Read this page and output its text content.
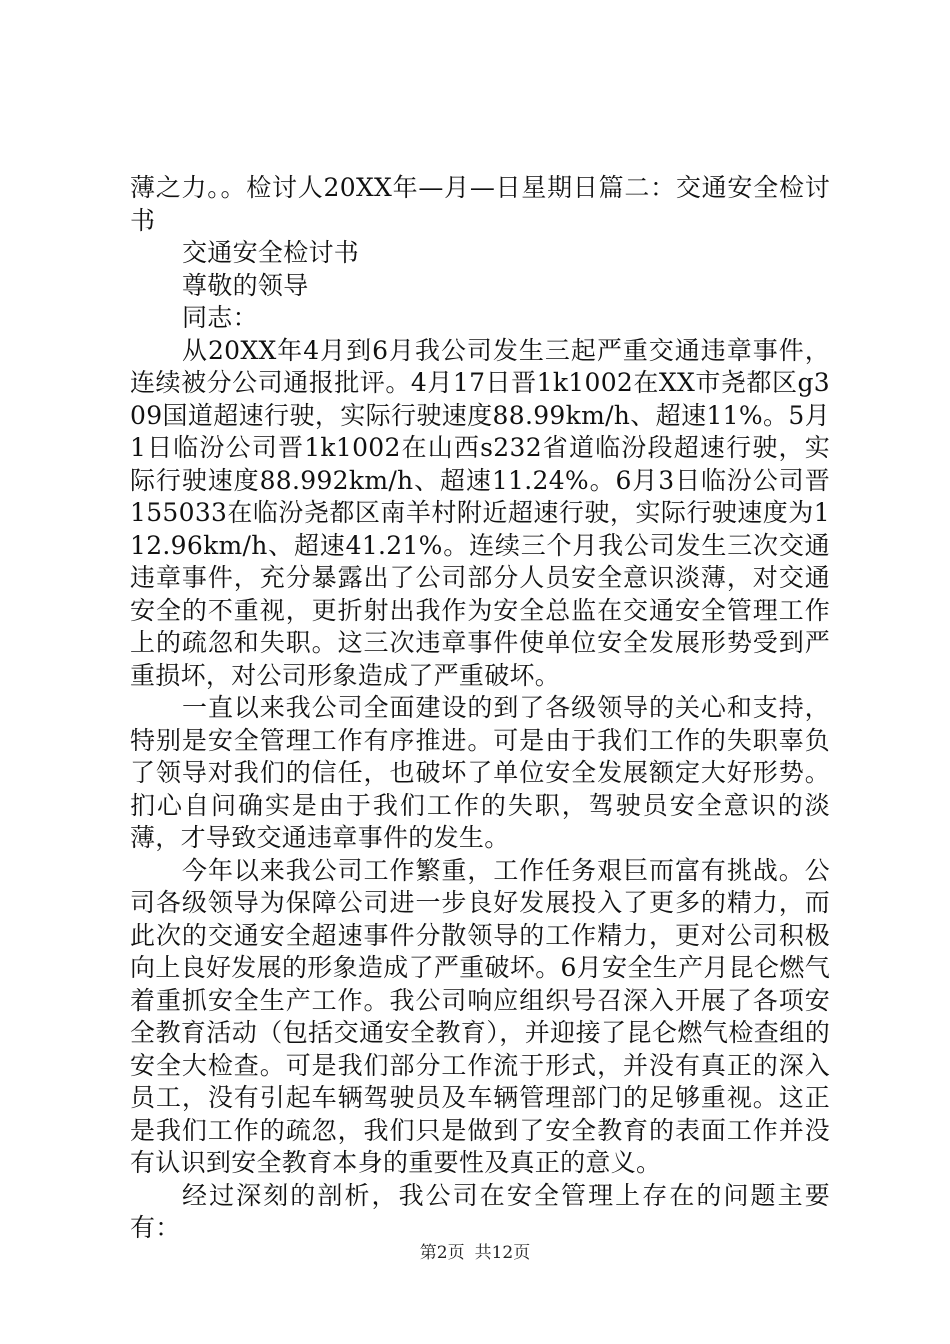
薄之力。。检讨人20XX年—月—日星期日篇二：交通安全检讨书

交通安全检讨书

尊敬的领导

同志：

从20XX年4月到6月我公司发生三起严重交通违章事件，连续被分公司通报批评。4月17日晋1k1002在XX市尧都区g309国道超速行驶，实际行驶速度88.99km/h、超速11%。5月1日临汾公司晋1k1002在山西s232省道临汾段超速行驶，实际行驶速度88.992km/h、超速11.24%。6月3日临汾公司晋155033在临汾尧都区南羊村附近超速行驶，实际行驶速度为112.96km/h、超速41.21%。连续三个月我公司发生三次交通违章事件，充分暴露出了公司部分人员安全意识淡薄，对交通安全的不重视，更折射出我作为安全总监在交通安全管理工作上的疏忽和失职。这三次违章事件使单位安全发展形势受到严重损坏，对公司形象造成了严重破坏。

一直以来我公司全面建设的到了各级领导的关心和支持，特别是安全管理工作有序推进。可是由于我们工作的失职辜负了领导对我们的信任，也破坏了单位安全发展额定大好形势。扪心自问确实是由于我们工作的失职，驾驶员安全意识的淡薄，才导致交通违章事件的发生。

今年以来我公司工作繁重，工作任务艰巨而富有挑战。公司各级领导为保障公司进一步良好发展投入了更多的精力，而此次的交通安全超速事件分散领导的工作精力，更对公司积极向上良好发展的形象造成了严重破坏。6月安全生产月昆仑燃气着重抓安全生产工作。我公司响应组织号召深入开展了各项安全教育活动（包括交通安全教育），并迎接了昆仑燃气检查组的安全大检查。可是我们部分工作流于形式，并没有真正的深入员工，没有引起车辆驾驶员及车辆管理部门的足够重视。这正是我们工作的疏忽，我们只是做到了安全教育的表面工作并没有认识到安全教育本身的重要性及真正的意义。

经过深刻的剖析，我公司在安全管理上存在的问题主要有：

第2页 共12页
